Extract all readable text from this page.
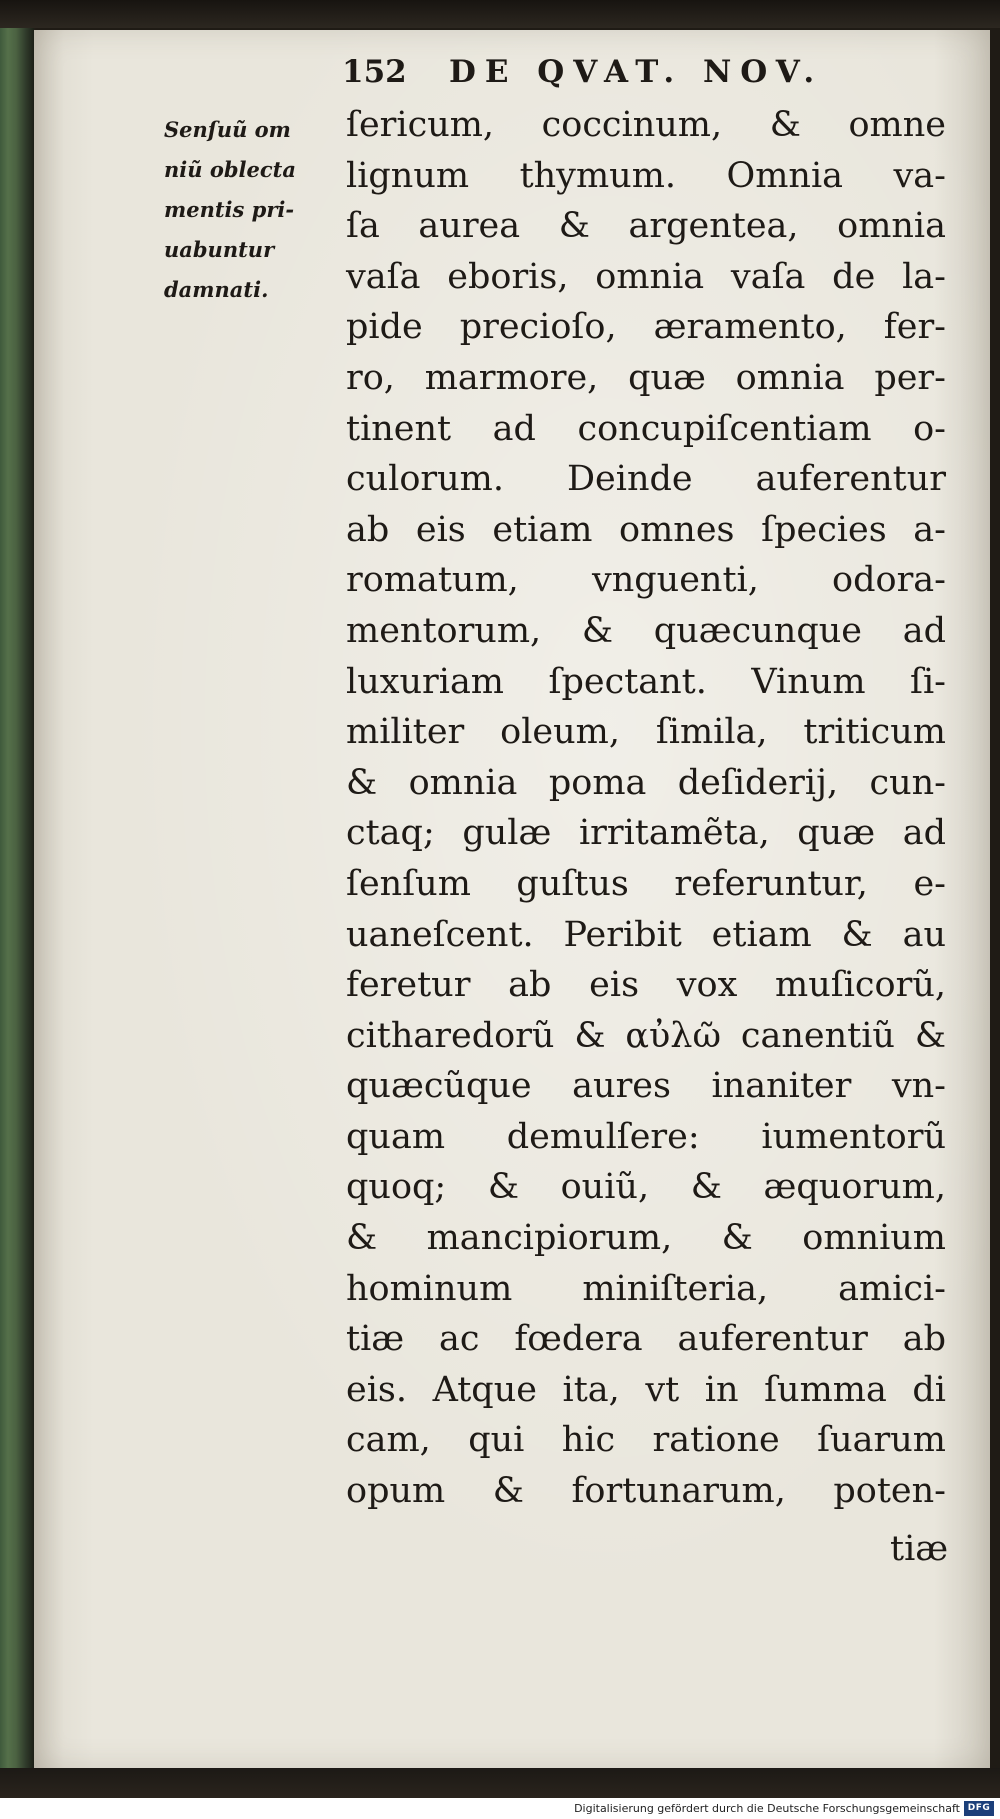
152 DE QVAT. NOV.
Senſuũ om
niũ oblecta
mentis pri-
uabuntur
damnati.
ſericum, coccinum, & omne
lignum thymum. Omnia va-
ſa aurea & argentea, omnia
vaſa eboris, omnia vaſa de la-
pide precioſo, æramento, fer-
ro, marmore, quæ omnia per-
tinent ad concupiſcentiam o-
culorum. Deinde auferentur
ab eis etiam omnes ſpecies a-
romatum, vnguenti, odora-
mentorum, & quæcunque ad
luxuriam ſpectant. Vinum ſi-
militer oleum, ſimila, triticum
& omnia poma deſiderij, cun-
ctaq; gulæ irritamẽta, quæ ad
ſenſum guſtus referuntur, e-
uaneſcent. Peribit etiam & au
feretur ab eis vox muſicorũ,
citharedorũ & αὐλῶ canentiũ &
quæcũque aures inaniter vn-
quam demulſere: iumentorũ
quoq; & ouiũ, & æquorum,
& mancipiorum, & omnium
hominum miniſteria, amici-
tiæ ac fœdera auferentur ab
eis. Atque ita, vt in ſumma di
cam, qui hic ratione ſuarum
opum & fortunarum, poten-
tiæ
Digitalisierung gefördert durch die Deutsche Forschungsgemeinschaft DFG
